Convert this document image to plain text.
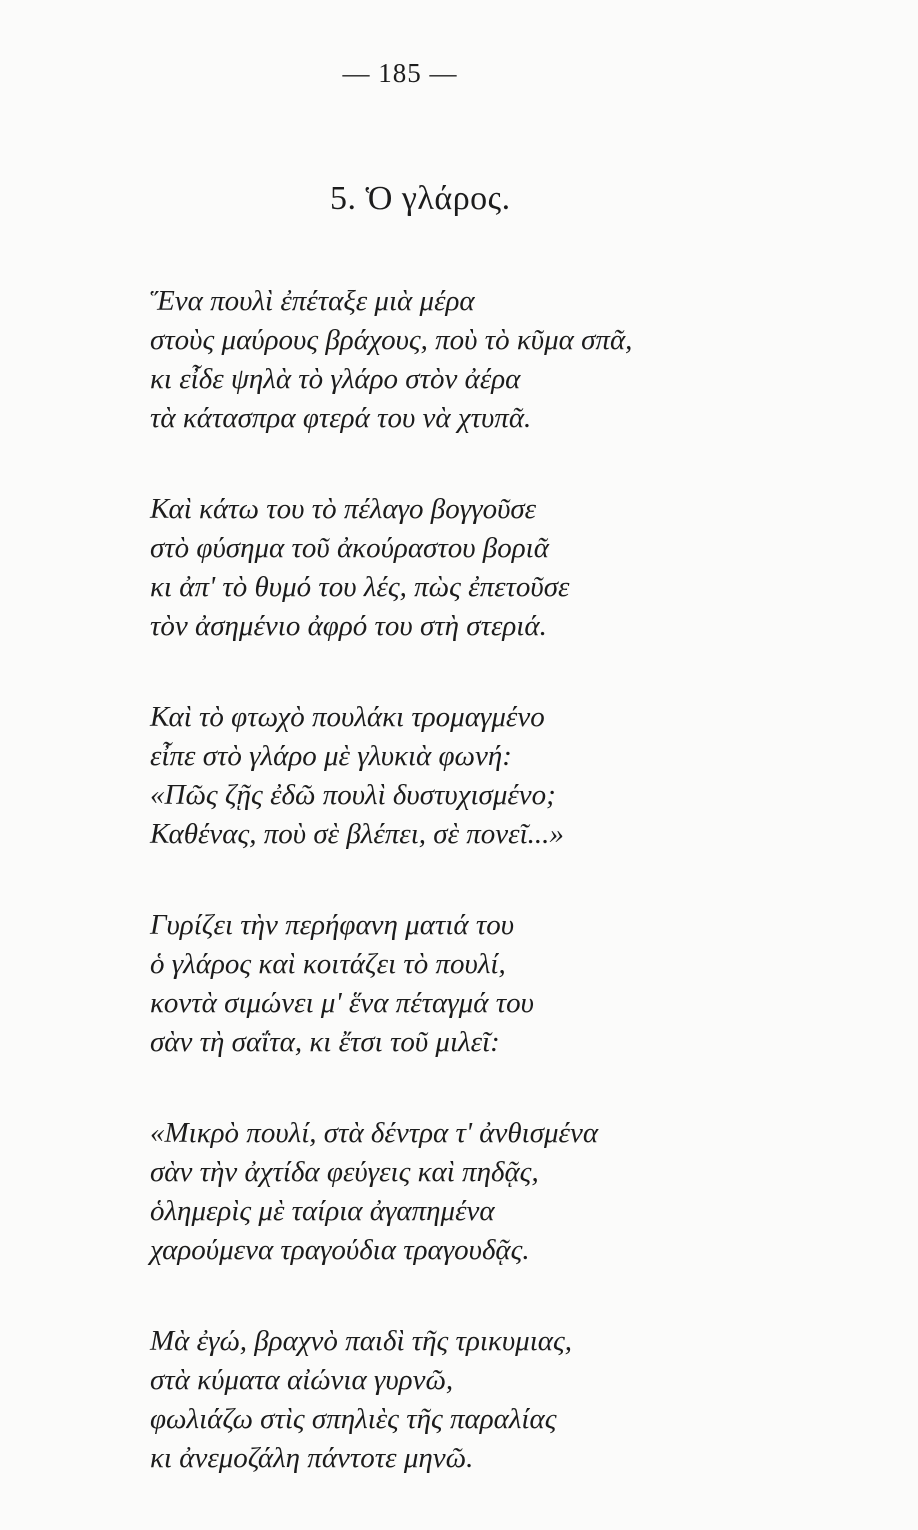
— 185 —
5. Ὁ γλάρος.
Ἕνα πουλὶ ἐπέταξε μιὰ μέρα
στοὺς μαύρους βράχους, ποὺ τὸ κῦμα σπᾶ,
κι εἶδε ψηλὰ τὸ γλάρο στὸν ἀέρα
τὰ κάτασπρα φτερά του νὰ χτυπᾶ.
Καὶ κάτω του τὸ πέλαγο βογγοῦσε
στὸ φύσημα τοῦ ἀκούραστου βοριᾶ
κι ἀπ' τὸ θυμό του λές, πὼς ἐπετοῦσε
τὸν ἀσημένιο ἀφρό του στὴ στεριά.
Καὶ τὸ φτωχὸ πουλάκι τρομαγμένο
εἶπε στὸ γλάρο μὲ γλυκιὰ φωνή:
«Πῶς ζῇς ἐδῶ πουλὶ δυστυχισμένο;
Καθένας, ποὺ σὲ βλέπει, σὲ πονεῖ...»
Γυρίζει τὴν περήφανη ματιά του
ὁ γλάρος καὶ κοιτάζει τὸ πουλί,
κοντὰ σιμώνει μ' ἕνα πέταγμά του
σὰν τὴ σαΐτα, κι ἔτσι τοῦ μιλεῖ:
«Μικρὸ πουλί, στὰ δέντρα τ' ἀνθισμένα
σὰν τὴν ἀχτίδα φεύγεις καὶ πηδᾷς,
ὁλημερὶς μὲ ταίρια ἀγαπημένα
χαρούμενα τραγούδια τραγουδᾷς.
Μὰ ἐγώ, βραχνὸ παιδὶ τῆς τρικυμιας,
στὰ κύματα αἰώνια γυρνῶ,
φωλιάζω στὶς σπηλιὲς τῆς παραλίας
κι ἀνεμοζάλη πάντοτε μηνῶ.
